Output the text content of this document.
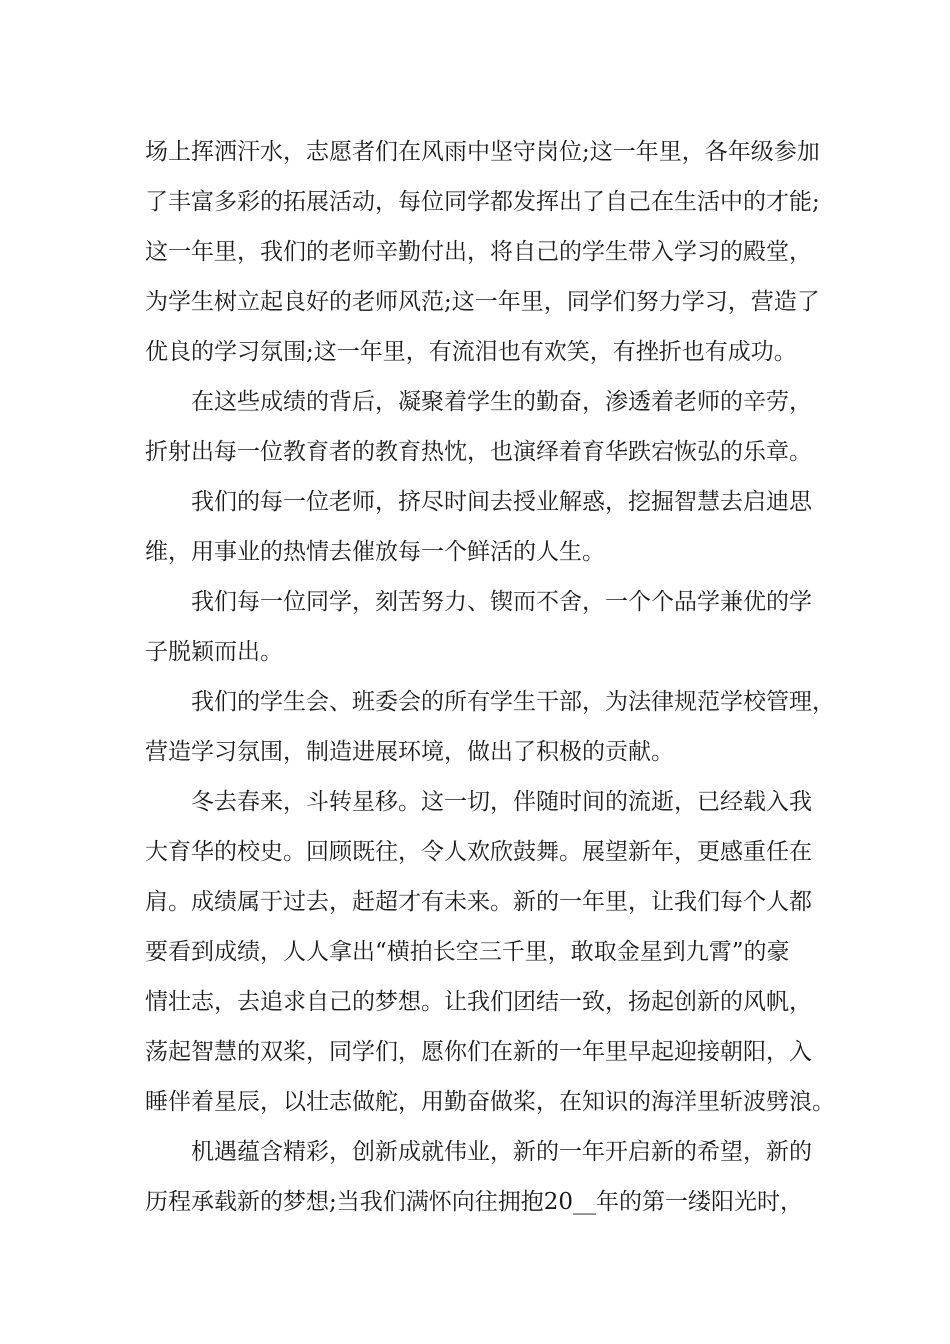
场上挥洒汗水，志愿者们在风雨中坚守岗位;这一年里，各年级参加
了丰富多彩的拓展活动，每位同学都发挥出了自己在生活中的才能;
这一年里，我们的老师辛勤付出，将自己的学生带入学习的殿堂，
为学生树立起良好的老师风范;这一年里，同学们努力学习，营造了
优良的学习氛围;这一年里，有流泪也有欢笑，有挫折也有成功。
在这些成绩的背后，凝聚着学生的勤奋，渗透着老师的辛劳，
折射出每一位教育者的教育热忱，也演绎着育华跌宕恢弘的乐章。
我们的每一位老师，挤尽时间去授业解惑，挖掘智慧去启迪思
维，用事业的热情去催放每一个鲜活的人生。
我们每一位同学，刻苦努力、锲而不舍，一个个品学兼优的学
子脱颖而出。
我们的学生会、班委会的所有学生干部，为法律规范学校管理，
营造学习氛围，制造进展环境，做出了积极的贡献。
冬去春来，斗转星移。这一切，伴随时间的流逝，已经载入我
大育华的校史。回顾既往，令人欢欣鼓舞。展望新年，更感重任在
肩。成绩属于过去，赶超才有未来。新的一年里，让我们每个人都
要看到成绩，人人拿出“横拍长空三千里，敢取金星到九霄”的豪
情壮志，去追求自己的梦想。让我们团结一致，扬起创新的风帆，
荡起智慧的双桨，同学们，愿你们在新的一年里早起迎接朝阳，入
睡伴着星辰，以壮志做舵，用勤奋做桨，在知识的海洋里斩波劈浪。
机遇蕴含精彩，创新成就伟业，新的一年开启新的希望，新的
历程承载新的梦想;当我们满怀向往拥抱20__年的第一缕阳光时，
